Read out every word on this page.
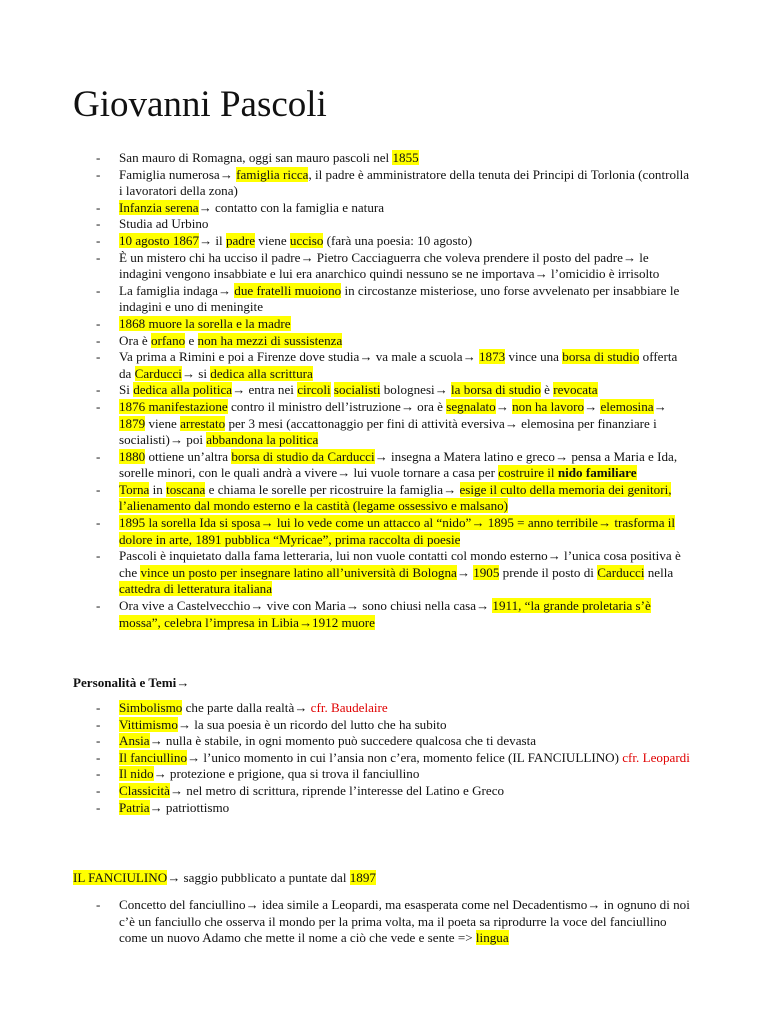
Giovanni Pascoli
- San mauro di Romagna, oggi san mauro pascoli nel 1855
- Famiglia numerosa→ famiglia ricca, il padre è amministratore della tenuta dei Principi di Torlonia (controlla i lavoratori della zona)
- Infanzia serena→ contatto con la famiglia e natura
- Studia ad Urbino
- 10 agosto 1867→ il padre viene ucciso (farà una poesia: 10 agosto)
- È un mistero chi ha ucciso il padre→ Pietro Cacciaguerra che voleva prendere il posto del padre→ le indagini vengono insabbiate e lui era anarchico quindi nessuno se ne importava→ l’omicidio è irrisolto
- La famiglia indaga→ due fratelli muoiono in circostanze misteriose, uno forse avvelenato per insabbiare le indagini e uno di meningite
- 1868 muore la sorella e la madre
- Ora è orfano e non ha mezzi di sussistenza
- Va prima a Rimini e poi a Firenze dove studia→ va male a scuola→ 1873 vince una borsa di studio offerta da Carducci→ si dedica alla scrittura
- Si dedica alla politica→ entra nei circoli socialisti bolognesi→ la borsa di studio è revocata
- 1876 manifestazione contro il ministro dell’istruzione→ ora è segnalato→ non ha lavoro→ elemosina→ 1879 viene arrestato per 3 mesi (accattonaggio per fini di attività eversiva→ elemosina per finanziare i socialisti)→ poi abbandona la politica
- 1880 ottiene un’altra borsa di studio da Carducci→ insegna a Matera latino e greco→ pensa a Maria e Ida, sorelle minori, con le quali andrà a vivere→ lui vuole tornare a casa per costruire il nido familiare
- Torna in toscana e chiama le sorelle per ricostruire la famiglia→ esige il culto della memoria dei genitori, l’alienamento dal mondo esterno e la castità (legame ossessivo e malsano)
- 1895 la sorella Ida si sposa→ lui lo vede come un attacco al “nido”→ 1895 = anno terribile→ trasforma il dolore in arte, 1891 pubblica “Myricae”, prima raccolta di poesie
- Pascoli è inquietato dalla fama letteraria, lui non vuole contatti col mondo esterno→ l’unica cosa positiva è che vince un posto per insegnare latino all’università di Bologna→ 1905 prende il posto di Carducci nella cattedra di letteratura italiana
- Ora vive a Castelvecchio→ vive con Maria→ sono chiusi nella casa→ 1911, “la grande proletaria s’è mossa”, celebra l’impresa in Libia→1912 muore

Personalità e Temi→

- Simbolismo che parte dalla realtà→ cfr. Baudelaire
- Vittimismo→ la sua poesia è un ricordo del lutto che ha subito
- Ansia→ nulla è stabile, in ogni momento può succedere qualcosa che ti devasta
- Il fanciullino→ l’unico momento in cui l’ansia non c’era, momento felice (IL FANCIULLINO) cfr. Leopardi
- Il nido→ protezione e prigione, qua si trova il fanciullino
- Classicità→ nel metro di scrittura, riprende l’interesse del Latino e Greco
- Patria→ patriottismo

IL FANCIULINO→ saggio pubblicato a puntate dal 1897

- Concetto del fanciullino→ idea simile a Leopardi, ma esasperata come nel Decadentismo→ in ognuno di noi c’è un fanciullo che osserva il mondo per la prima volta, ma il poeta sa riprodurre la voce del fanciullino come un nuovo Adamo che mette il nome a ciò che vede e sente => lingua
